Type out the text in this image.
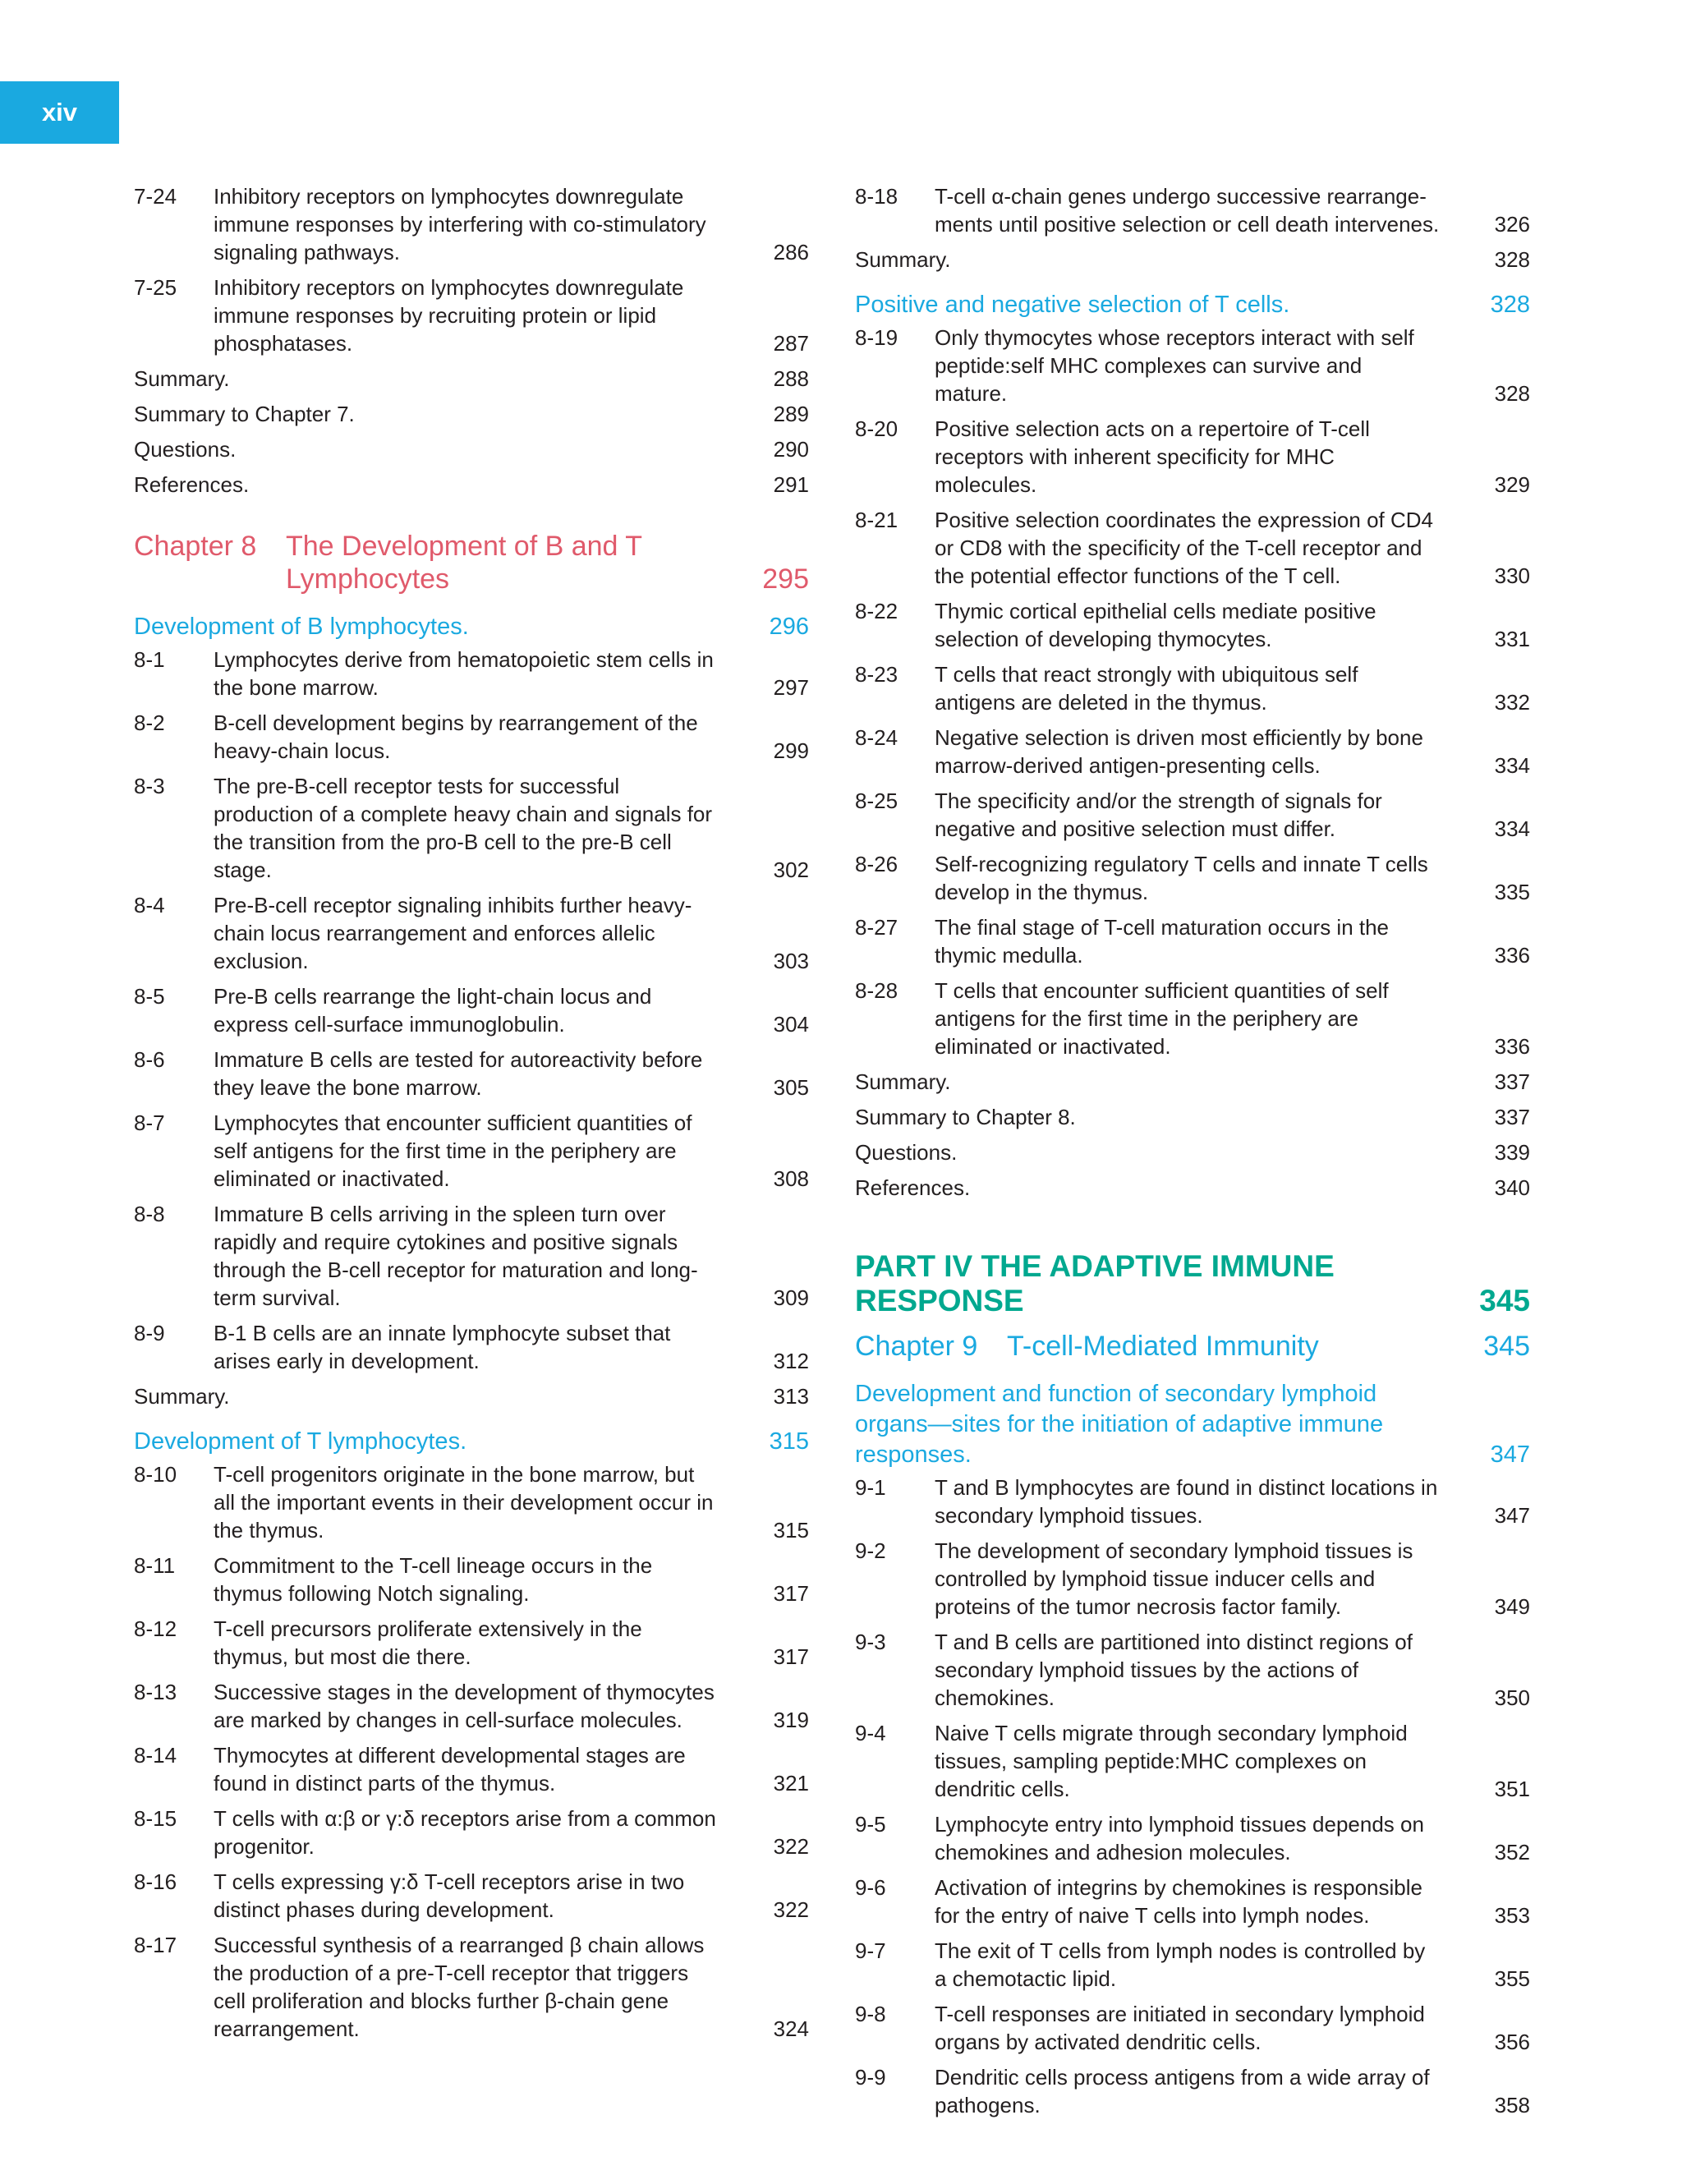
xiv
7-24	Inhibitory receptors on lymphocytes downregulate immune responses by interfering with co-stimulatory signaling pathways.	286
7-25	Inhibitory receptors on lymphocytes downregulate immune responses by recruiting protein or lipid phosphatases.	287
Summary.	288
Summary to Chapter 7.	289
Questions.	290
References.	291
Chapter 8	The Development of B and T Lymphocytes	295
Development of B lymphocytes.	296
8-1	Lymphocytes derive from hematopoietic stem cells in the bone marrow.	297
8-2	B-cell development begins by rearrangement of the heavy-chain locus.	299
8-3	The pre-B-cell receptor tests for successful production of a complete heavy chain and signals for the transition from the pro-B cell to the pre-B cell stage.	302
8-4	Pre-B-cell receptor signaling inhibits further heavy-chain locus rearrangement and enforces allelic exclusion.	303
8-5	Pre-B cells rearrange the light-chain locus and express cell-surface immunoglobulin.	304
8-6	Immature B cells are tested for autoreactivity before they leave the bone marrow.	305
8-7	Lymphocytes that encounter sufficient quantities of self antigens for the first time in the periphery are eliminated or inactivated.	308
8-8	Immature B cells arriving in the spleen turn over rapidly and require cytokines and positive signals through the B-cell receptor for maturation and long-term survival.	309
8-9	B-1 B cells are an innate lymphocyte subset that arises early in development.	312
Summary.	313
Development of T lymphocytes.	315
8-10	T-cell progenitors originate in the bone marrow, but all the important events in their development occur in the thymus.	315
8-11	Commitment to the T-cell lineage occurs in the thymus following Notch signaling.	317
8-12	T-cell precursors proliferate extensively in the thymus, but most die there.	317
8-13	Successive stages in the development of thymocytes are marked by changes in cell-surface molecules.	319
8-14	Thymocytes at different developmental stages are found in distinct parts of the thymus.	321
8-15	T cells with α:β or γ:δ receptors arise from a common progenitor.	322
8-16	T cells expressing γ:δ T-cell receptors arise in two distinct phases during development.	322
8-17	Successful synthesis of a rearranged β chain allows the production of a pre-T-cell receptor that triggers cell proliferation and blocks further β-chain gene rearrangement.	324
8-18	T-cell α-chain genes undergo successive rearrange-ments until positive selection or cell death intervenes.	326
Summary.	328
Positive and negative selection of T cells.	328
8-19	Only thymocytes whose receptors interact with self peptide:self MHC complexes can survive and mature.	328
8-20	Positive selection acts on a repertoire of T-cell receptors with inherent specificity for MHC molecules.	329
8-21	Positive selection coordinates the expression of CD4 or CD8 with the specificity of the T-cell receptor and the potential effector functions of the T cell.	330
8-22	Thymic cortical epithelial cells mediate positive selection of developing thymocytes.	331
8-23	T cells that react strongly with ubiquitous self antigens are deleted in the thymus.	332
8-24	Negative selection is driven most efficiently by bone marrow-derived antigen-presenting cells.	334
8-25	The specificity and/or the strength of signals for negative and positive selection must differ.	334
8-26	Self-recognizing regulatory T cells and innate T cells develop in the thymus.	335
8-27	The final stage of T-cell maturation occurs in the thymic medulla.	336
8-28	T cells that encounter sufficient quantities of self antigens for the first time in the periphery are eliminated or inactivated.	336
Summary.	337
Summary to Chapter 8.	337
Questions.	339
References.	340
PART IV THE ADAPTIVE IMMUNE RESPONSE	345
Chapter 9	T-cell-Mediated Immunity	345
Development and function of secondary lymphoid organs—sites for the initiation of adaptive immune responses.	347
9-1	T and B lymphocytes are found in distinct locations in secondary lymphoid tissues.	347
9-2	The development of secondary lymphoid tissues is controlled by lymphoid tissue inducer cells and proteins of the tumor necrosis factor family.	349
9-3	T and B cells are partitioned into distinct regions of secondary lymphoid tissues by the actions of chemokines.	350
9-4	Naive T cells migrate through secondary lymphoid tissues, sampling peptide:MHC complexes on dendritic cells.	351
9-5	Lymphocyte entry into lymphoid tissues depends on chemokines and adhesion molecules.	352
9-6	Activation of integrins by chemokines is responsible for the entry of naive T cells into lymph nodes.	353
9-7	The exit of T cells from lymph nodes is controlled by a chemotactic lipid.	355
9-8	T-cell responses are initiated in secondary lymphoid organs by activated dendritic cells.	356
9-9	Dendritic cells process antigens from a wide array of pathogens.	358
